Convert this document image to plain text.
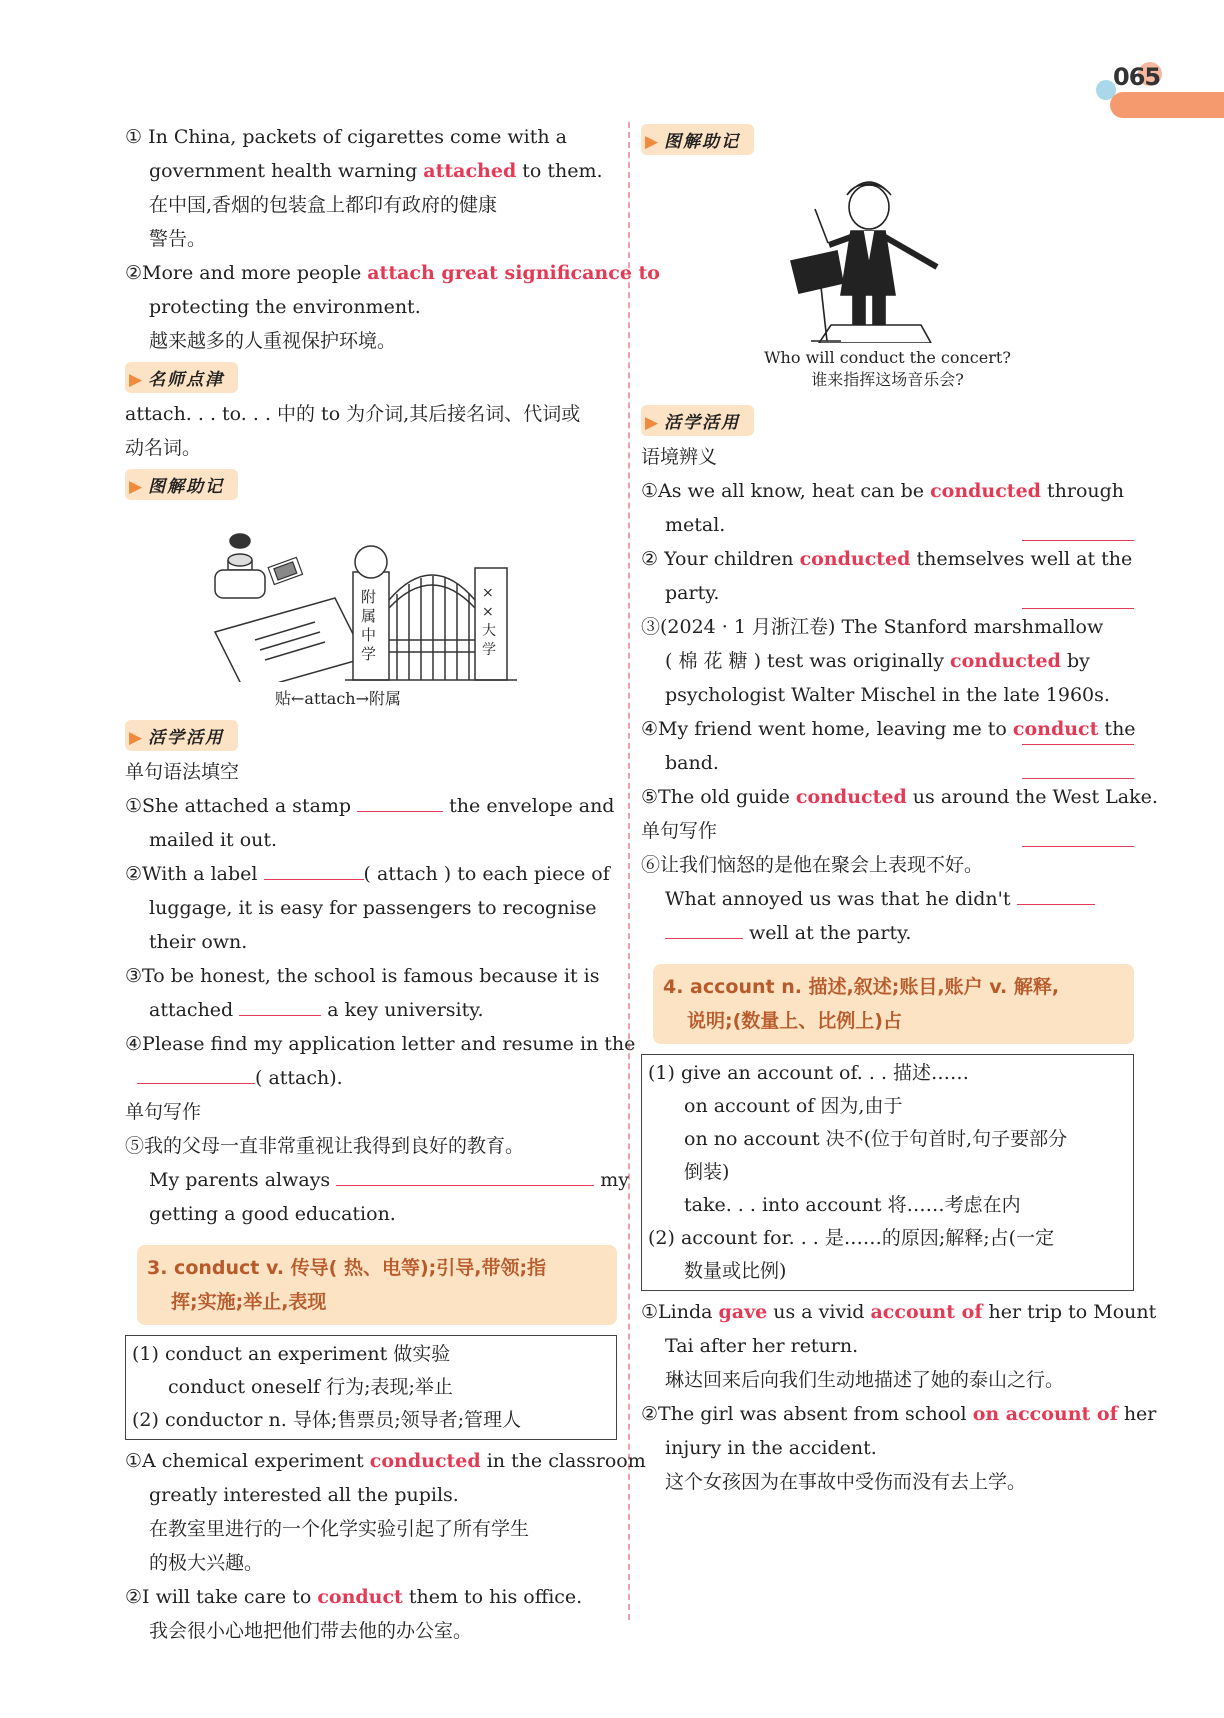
065
① In China, packets of cigarettes come with a
government health warning attached to them.
在中国,香烟的包装盒上都印有政府的健康
警告。
②More and more people attach great significance to
protecting the environment.
越来越多的人重视保护环境。
▶ 名师点津
attach. . . to. . . 中的 to 为介词,其后接名词、代词或
动名词。
▶ 图解助记
附属中学
××大学
贴←attach→附属
▶ 活学活用
单句语法填空
①She attached a stamp	the envelope and
mailed it out.
②With a label	( attach ) to each piece of
luggage, it is easy for passengers to recognise
their own.
③To be honest, the school is famous because it is
attached	a key university.
④Please find my application letter and resume in the
( attach).
单句写作
⑤我的父母一直非常重视让我得到良好的教育。
My parents always	my
getting a good education.
3. conduct v. 传导( 热、电等);引导,带领;指
挥;实施;举止,表现
(1) conduct an experiment 做实验
conduct oneself 行为;表现;举止
(2) conductor n. 导体;售票员;领导者;管理人
①A chemical experiment conducted in the classroom
greatly interested all the pupils.
在教室里进行的一个化学实验引起了所有学生
的极大兴趣。
②I will take care to conduct them to his office.
我会很小心地把他们带去他的办公室。
▶ 图解助记
Who will conduct the concert?
谁来指挥这场音乐会?
▶ 活学活用
语境辨义
①As we all know, heat can be conducted through
metal.
② Your children conducted themselves well at the
party.
③(2024 · 1 月浙江卷) The Stanford marshmallow
( 棉 花 糖 ) test was originally conducted by
psychologist Walter Mischel in the late 1960s.
④My friend went home, leaving me to conduct the
band.
⑤The old guide conducted us around the West Lake.
单句写作
⑥让我们恼怒的是他在聚会上表现不好。
What annoyed us was that he didn't
well at the party.
4. account n. 描述,叙述;账目,账户 v. 解释,
说明;(数量上、比例上)占
(1) give an account of. . . 描述……
on account of 因为,由于
on no account 决不(位于句首时,句子要部分
倒装)
take. . . into account 将……考虑在内
(2) account for. . . 是……的原因;解释;占(一定
数量或比例)
①Linda gave us a vivid account of her trip to Mount
Tai after her return.
琳达回来后向我们生动地描述了她的泰山之行。
②The girl was absent from school on account of her
injury in the accident.
这个女孩因为在事故中受伤而没有去上学。
